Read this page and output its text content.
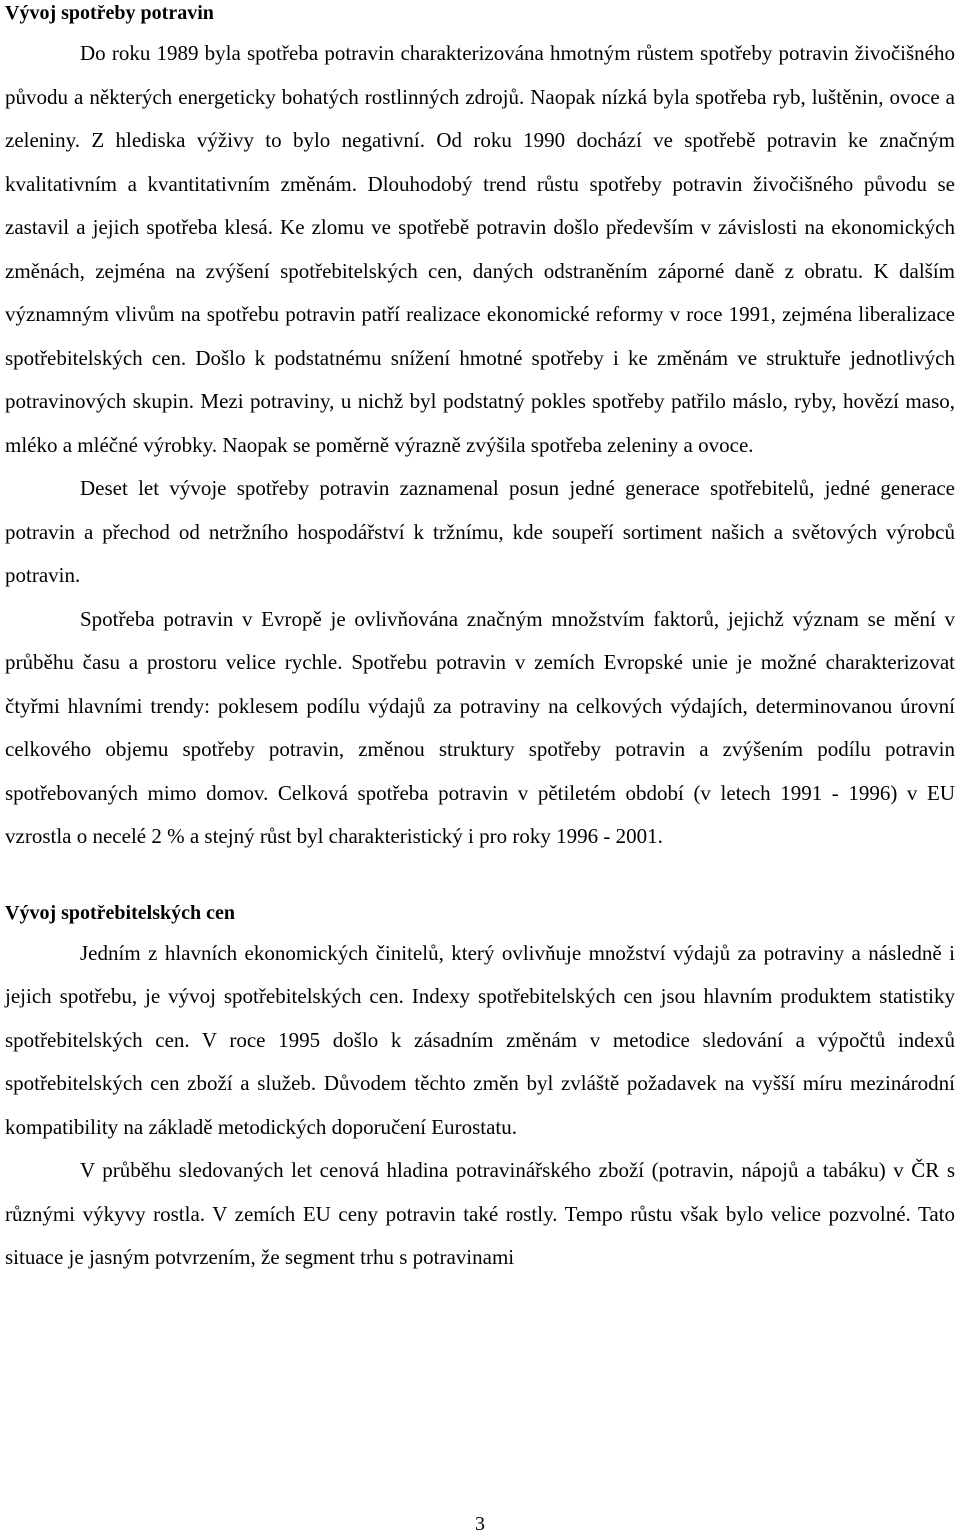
Vývoj spotřeby potravin

Do roku 1989 byla spotřeba potravin charakterizována hmotným růstem spotřeby potravin živočišného původu a některých energeticky bohatých rostlinných zdrojů. Naopak nízká byla spotřeba ryb, luštěnin, ovoce a zeleniny. Z hlediska výživy to bylo negativní. Od roku 1990 dochází ve spotřebě potravin ke značným kvalitativním a kvantitativním změnám. Dlouhodobý trend růstu spotřeby potravin živočišného původu se zastavil a jejich spotřeba klesá. Ke zlomu ve spotřebě potravin došlo především v závislosti na ekonomických změnách, zejména na zvýšení spotřebitelských cen, daných odstraněním záporné daně z obratu. K dalším významným vlivům na spotřebu potravin patří realizace ekonomické reformy v roce 1991, zejména liberalizace spotřebitelských cen. Došlo k podstatnému snížení hmotné spotřeby i ke změnám ve struktuře jednotlivých potravinových skupin. Mezi potraviny, u nichž byl podstatný pokles spotřeby patřilo máslo, ryby, hovězí maso, mléko a mléčné výrobky. Naopak se poměrně výrazně zvýšila spotřeba zeleniny a ovoce.

Deset let vývoje spotřeby potravin zaznamenal posun jedné generace spotřebitelů, jedné generace potravin a přechod od netržního hospodářství k tržnímu, kde soupeří sortiment našich a světových výrobců potravin.

Spotřeba potravin v Evropě je ovlivňována značným množstvím faktorů, jejichž význam se mění v průběhu času a prostoru velice rychle. Spotřebu potravin v zemích Evropské unie je možné charakterizovat čtyřmi hlavními trendy: poklesem podílu výdajů za potraviny na celkových výdajích, determinovanou úrovní celkového objemu spotřeby potravin, změnou struktury spotřeby potravin a zvýšením podílu potravin spotřebovaných mimo domov. Celková spotřeba potravin v pětiletém období (v letech 1991 - 1996) v EU vzrostla o necelé 2 % a stejný růst byl charakteristický i pro roky 1996 - 2001.

Vývoj spotřebitelských cen

Jedním z hlavních ekonomických činitelů, který ovlivňuje množství výdajů za potraviny a následně i jejich spotřebu, je vývoj spotřebitelských cen. Indexy spotřebitelských cen jsou hlavním produktem statistiky spotřebitelských cen. V roce 1995 došlo k zásadním změnám v metodice sledování a výpočtů indexů spotřebitelských cen zboží a služeb. Důvodem těchto změn byl zvláště požadavek na vyšší míru mezinárodní kompatibility na základě metodických doporučení Eurostatu.

V průběhu sledovaných let cenová hladina potravinářského zboží (potravin, nápojů a tabáku) v ČR s různými výkyvy rostla. V zemích EU ceny potravin také rostly. Tempo růstu však bylo velice pozvolné. Tato situace je jasným potvrzením, že segment trhu s potravinami

3
